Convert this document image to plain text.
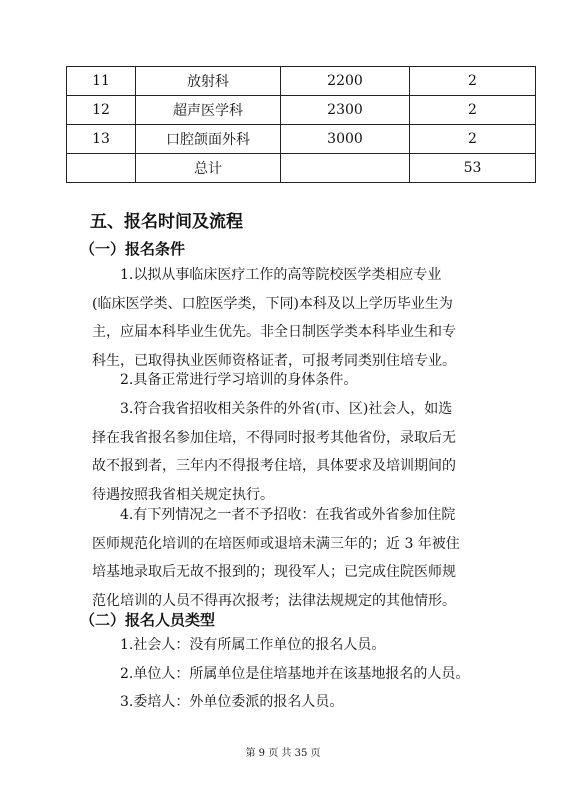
11	放射科	2200	2
12	超声医学科	2300	2
13	口腔颌面外科	3000	2
	总计		53
五、报名时间及流程
（一）报名条件
1.以拟从事临床医疗工作的高等院校医学类相应专业
(临床医学类、口腔医学类，下同)本科及以上学历毕业生为
主，应届本科毕业生优先。非全日制医学类本科毕业生和专
科生，已取得执业医师资格证者，可报考同类别住培专业。
2.具备正常进行学习培训的身体条件。
3.符合我省招收相关条件的外省(市、区)社会人，如选
择在我省报名参加住培，不得同时报考其他省份，录取后无
故不报到者，三年内不得报考住培，具体要求及培训期间的
待遇按照我省相关规定执行。
4.有下列情况之一者不予招收：在我省或外省参加住院
医师规范化培训的在培医师或退培未满三年的；近 3 年被住
培基地录取后无故不报到的；现役军人；已完成住院医师规
范化培训的人员不得再次报考；法律法规规定的其他情形。
（二）报名人员类型
1.社会人：没有所属工作单位的报名人员。
2.单位人：所属单位是住培基地并在该基地报名的人员。
3.委培人：外单位委派的报名人员。
第 9 页 共 35 页
